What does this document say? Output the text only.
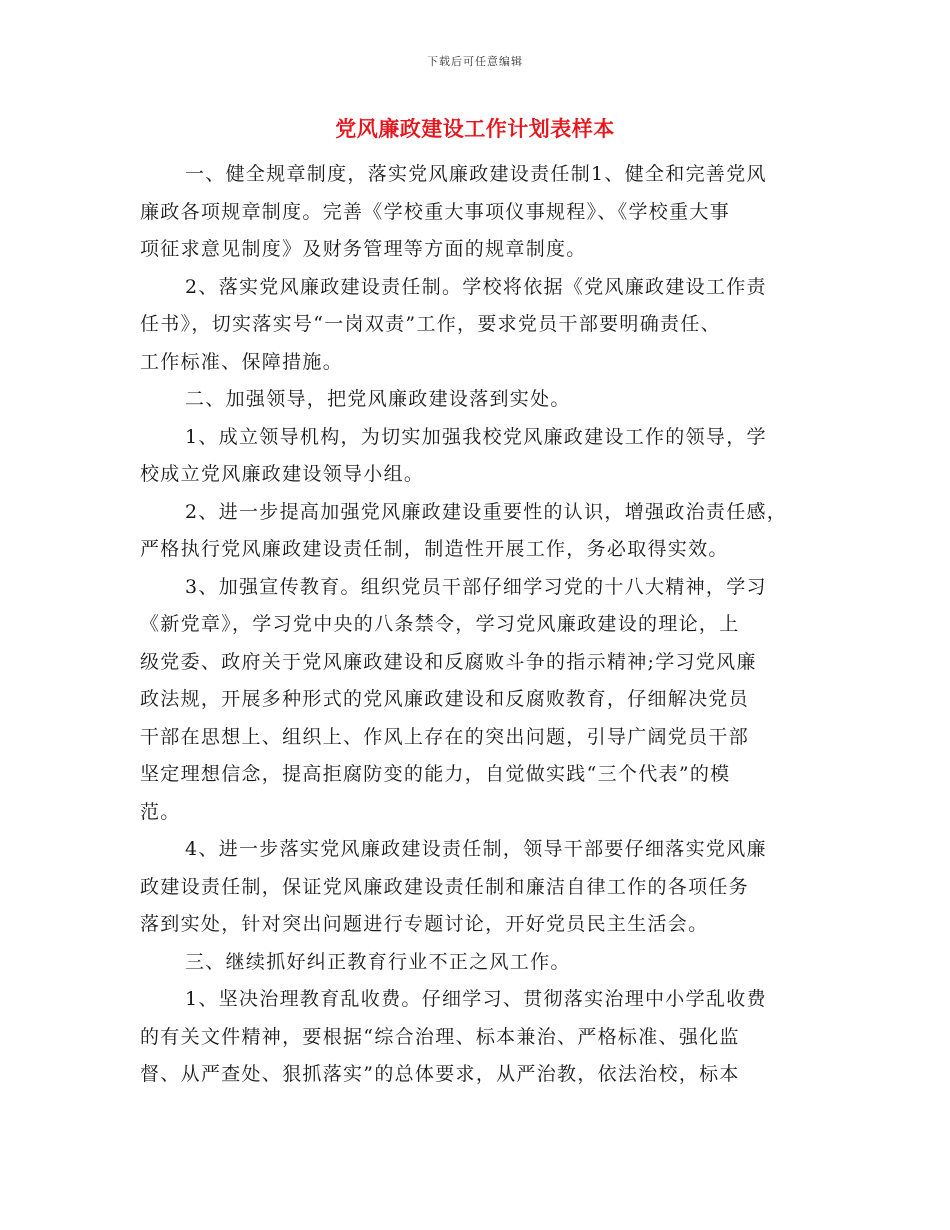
下载后可任意编辑
党风廉政建设工作计划表样本

一、健全规章制度，落实党风廉政建设责任制1、健全和完善党风
廉政各项规章制度。完善《学校重大事项仪事规程》、《学校重大事
项征求意见制度》及财务管理等方面的规章制度。

2、落实党风廉政建设责任制。学校将依据《党风廉政建设工作责
任书》，切实落实号“一岗双责”工作，要求党员干部要明确责任、
工作标准、保障措施。

二、加强领导，把党风廉政建设落到实处。

1、成立领导机构，为切实加强我校党风廉政建设工作的领导，学
校成立党风廉政建设领导小组。

2、进一步提高加强党风廉政建设重要性的认识，增强政治责任感，
严格执行党风廉政建设责任制，制造性开展工作，务必取得实效。

3、加强宣传教育。组织党员干部仔细学习党的十八大精神，学习
《新党章》，学习党中央的八条禁令，学习党风廉政建设的理论，上
级党委、政府关于党风廉政建设和反腐败斗争的指示精神;学习党风廉
政法规，开展多种形式的党风廉政建设和反腐败教育，仔细解决党员
干部在思想上、组织上、作风上存在的突出问题，引导广阔党员干部
坚定理想信念，提高拒腐防变的能力，自觉做实践“三个代表”的模
范。

4、进一步落实党风廉政建设责任制，领导干部要仔细落实党风廉
政建设责任制，保证党风廉政建设责任制和廉洁自律工作的各项任务
落到实处，针对突出问题进行专题讨论，开好党员民主生活会。

三、继续抓好纠正教育行业不正之风工作。

1、坚决治理教育乱收费。仔细学习、贯彻落实治理中小学乱收费
的有关文件精神，要根据“综合治理、标本兼治、严格标准、强化监
督、从严查处、狠抓落实”的总体要求，从严治教，依法治校，标本
